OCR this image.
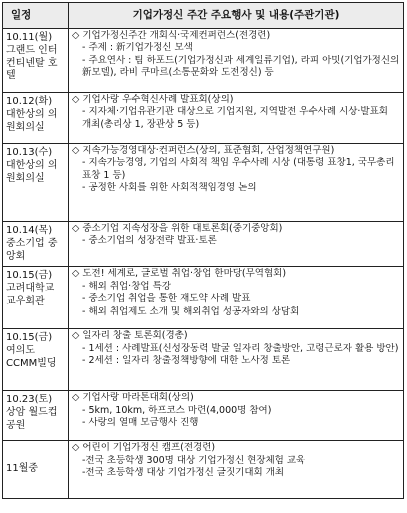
일정	기업가정신 주간 주요행사 및 내용(주관기관)

10.11(월)
그랜드 인터컨티넨탈 호텔	◇ 기업가정신주간 개회식·국제컨퍼런스(전경련)
- 주제 : 新기업가정신 모색
- 주요연사 : 팀 하포드(기업가정신과 세계일류기업), 라피 아밋(기업가정신의 新모델), 라비 쿠마르(소통문화와 도전정신) 등

10.12(화)
대한상의 의원회의실	◇ 기업사랑 우수혁신사례 발표회(상의)
- 지자체·기업유관기관 대상으로 기업지원, 지역발전 우수사례 시상·발표회 개최(총리상 1, 장관상 5 등)

10.13(수)
대한상의 의원회의실	◇ 지속가능경영대상·컨퍼런스(상의, 표준협회, 산업정책연구원)
- 지속가능경영, 기업의 사회적 책임 우수사례 시상 (대통령 표창1, 국무총리 표창 1 등)
- 공정한 사회를 위한 사회적책임경영 논의

10.14(목)
중소기업 중앙회	◇ 중소기업 지속성장을 위한 대토론회(중기중앙회)
- 중소기업의 성장전략 발표·토론

10.15(금)
고려대학교 교우회관	◇ 도전! 세계로, 글로벌 취업·창업 한마당(무역협회)
- 해외 취업·창업 특강
- 중소기업 취업을 통한 재도약 사례 발표
- 해외 취업제도 소개 및 해외취업 성공자와의 상담회

10.15(금)
여의도 CCMM빌딩	◇ 일자리 창출 토론회(경총)
- 1세션 : 사례발표(신성장동력 발굴 일자리 창출방안, 고령근로자 활용 방안)
- 2세션 : 일자리 창출정책방향에 대한 노사정 토론

10.23(토)
상암 월드컵공원	◇ 기업사랑 마라톤대회(상의)
- 5km, 10km, 하프코스 마련(4,000명 참여)
- 사랑의 열매 모금행사 진행

11월중	◇ 어린이 기업가정신 캠프(전경련)
-전국 초등학생 300명 대상 기업가정신 현장체험 교육
-전국 초등학생 대상 기업가정신 글짓기대회 개최
